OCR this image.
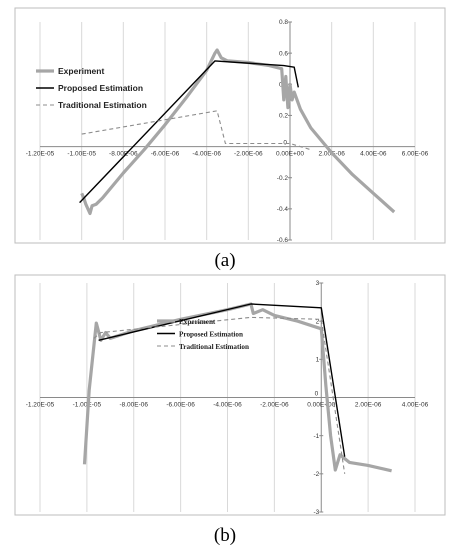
-1.20E-05 -1.00E-05 -8.00E-06 -6.00E-06 -4.00E-06 -2.00E-06 0.00E+00 2.00E-06 4.00E-06 6.00E-06
-0.6
-0.4
-0.2
0
0.2
0.4
0.6
0.8
Experiment
Proposed Estimation
Traditional Estimation
(a)
-1.20E-05	-1.00E-05	-8.00E-06	-6.00E-06	-4.00E-06	-2.00E-06	0.00E+00	2.00E-06	4.00E-06
-3
-2
-1
0
1
2
3
Experiment
Proposed Estimation
Traditional Estimation
(b)
